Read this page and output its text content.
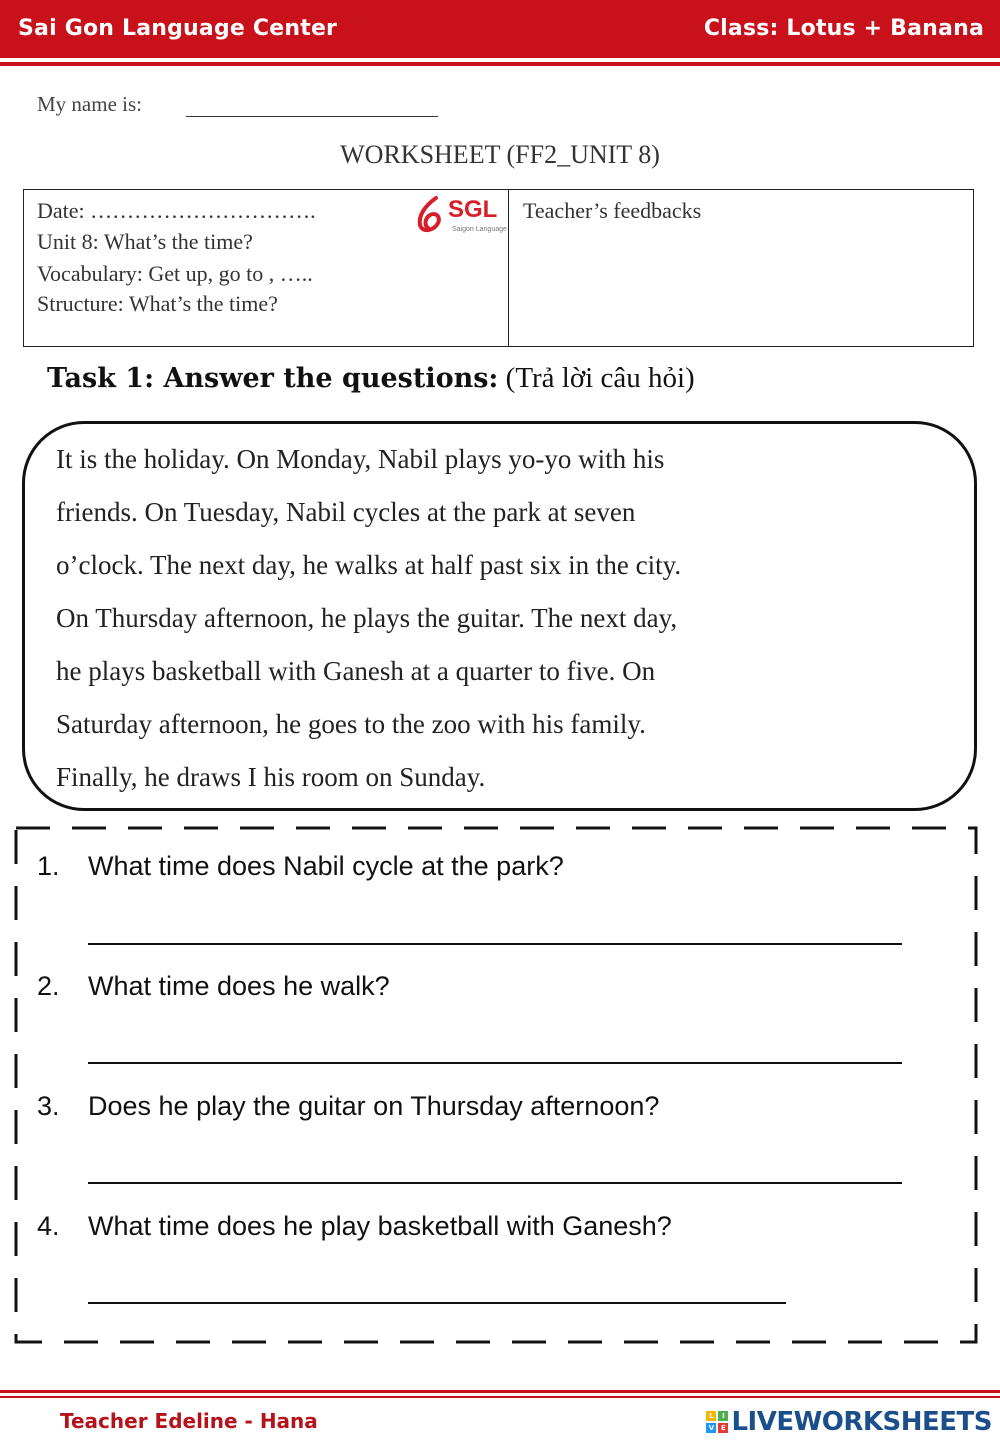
Sai Gon Language Center	Class: Lotus + Banana
My name is:
WORKSHEET (FF2_UNIT 8)
Date: ………………………….
Unit 8: What’s the time?
Vocabulary: Get up, go to , …..
Structure: What’s the time?
Teacher’s feedbacks
SGL
Saigon Language
Task 1: Answer the questions: (Trả lời câu hỏi)
It is the holiday. On Monday, Nabil plays yo-yo with his
friends. On Tuesday, Nabil cycles at the park at seven
o’clock. The next day, he walks at half past six in the city.
On Thursday afternoon, he plays the guitar. The next day,
he plays basketball with Ganesh at a quarter to five. On
Saturday afternoon, he goes to the zoo with his family.
Finally, he draws I his room on Sunday.
1. What time does Nabil cycle at the park?
2. What time does he walk?
3. Does he play the guitar on Thursday afternoon?
4. What time does he play basketball with Ganesh?
Teacher Edeline - Hana	L	I
V E LIVEWORKSHEETS
